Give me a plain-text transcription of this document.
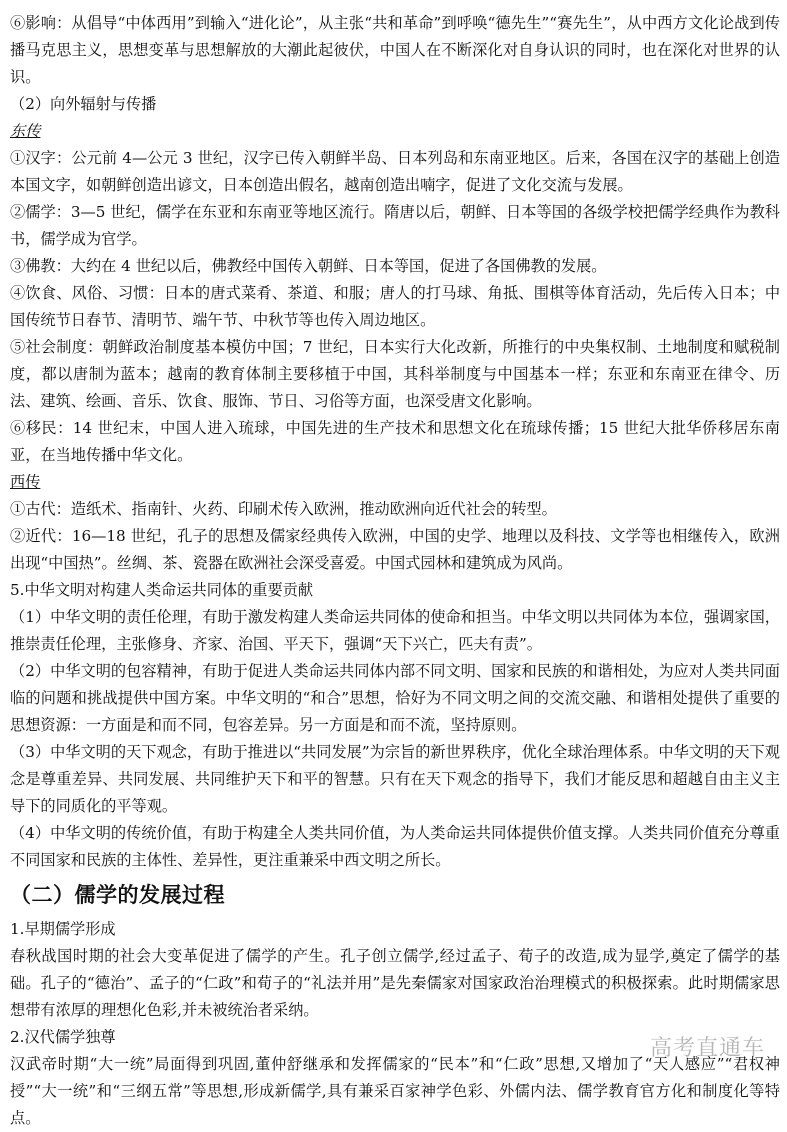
⑥影响：从倡导“中体西用”到输入“进化论”，从主张“共和革命”到呼唤“德先生”“赛先生”，从中西方文化论战到传播马克思主义，思想变革与思想解放的大潮此起彼伏，中国人在不断深化对自身认识的同时，也在深化对世界的认识。

（2）向外辐射与传播

东传

①汉字：公元前 4—公元 3 世纪，汉字已传入朝鲜半岛、日本列岛和东南亚地区。后来，各国在汉字的基础上创造本国文字，如朝鲜创造出谚文，日本创造出假名，越南创造出喃字，促进了文化交流与发展。

②儒学：3—5 世纪，儒学在东亚和东南亚等地区流行。隋唐以后，朝鲜、日本等国的各级学校把儒学经典作为教科书，儒学成为官学。

③佛教：大约在 4 世纪以后，佛教经中国传入朝鲜、日本等国，促进了各国佛教的发展。

④饮食、风俗、习惯：日本的唐式菜肴、茶道、和服；唐人的打马球、角抵、围棋等体育活动，先后传入日本；中国传统节日春节、清明节、端午节、中秋节等也传入周边地区。

⑤社会制度：朝鲜政治制度基本模仿中国；7 世纪，日本实行大化改新，所推行的中央集权制、土地制度和赋税制度，都以唐制为蓝本；越南的教育体制主要移植于中国，其科举制度与中国基本一样；东亚和东南亚在律令、历法、建筑、绘画、音乐、饮食、服饰、节日、习俗等方面，也深受唐文化影响。

⑥移民：14 世纪末，中国人进入琉球，中国先进的生产技术和思想文化在琉球传播；15 世纪大批华侨移居东南亚，在当地传播中华文化。

西传

①古代：造纸术、指南针、火药、印刷术传入欧洲，推动欧洲向近代社会的转型。

②近代：16—18 世纪，孔子的思想及儒家经典传入欧洲，中国的史学、地理以及科技、文学等也相继传入，欧洲出现“中国热”。丝绸、茶、瓷器在欧洲社会深受喜爱。中国式园林和建筑成为风尚。

5.中华文明对构建人类命运共同体的重要贡献

（1）中华文明的责任伦理，有助于激发构建人类命运共同体的使命和担当。中华文明以共同体为本位，强调家国，推崇责任伦理，主张修身、齐家、治国、平天下，强调“天下兴亡，匹夫有责”。

（2）中华文明的包容精神，有助于促进人类命运共同体内部不同文明、国家和民族的和谐相处，为应对人类共同面临的问题和挑战提供中国方案。中华文明的“和合”思想，恰好为不同文明之间的交流交融、和谐相处提供了重要的思想资源：一方面是和而不同，包容差异。另一方面是和而不流，坚持原则。

（3）中华文明的天下观念，有助于推进以“共同发展”为宗旨的新世界秩序，优化全球治理体系。中华文明的天下观念是尊重差异、共同发展、共同维护天下和平的智慧。只有在天下观念的指导下，我们才能反思和超越自由主义主导下的同质化的平等观。

（4）中华文明的传统价值，有助于构建全人类共同价值，为人类命运共同体提供价值支撑。人类共同价值充分尊重不同国家和民族的主体性、差异性，更注重兼采中西文明之所长。

（二）儒学的发展过程

1.早期儒学形成

春秋战国时期的社会大变革促进了儒学的产生。孔子创立儒学,经过孟子、荀子的改造,成为显学,奠定了儒学的基础。孔子的“德治”、孟子的“仁政”和荀子的“礼法并用”是先秦儒家对国家政治治理模式的积极探索。此时期儒家思想带有浓厚的理想化色彩,并未被统治者采纳。

2.汉代儒学独尊

汉武帝时期“大一统”局面得到巩固,董仲舒继承和发挥儒家的“民本”和“仁政”思想,又增加了“天人感应”“君权神授”“大一统”和“三纲五常”等思想,形成新儒学,具有兼采百家神学色彩、外儒内法、儒学教育官方化和制度化等特点。

高考直通车
